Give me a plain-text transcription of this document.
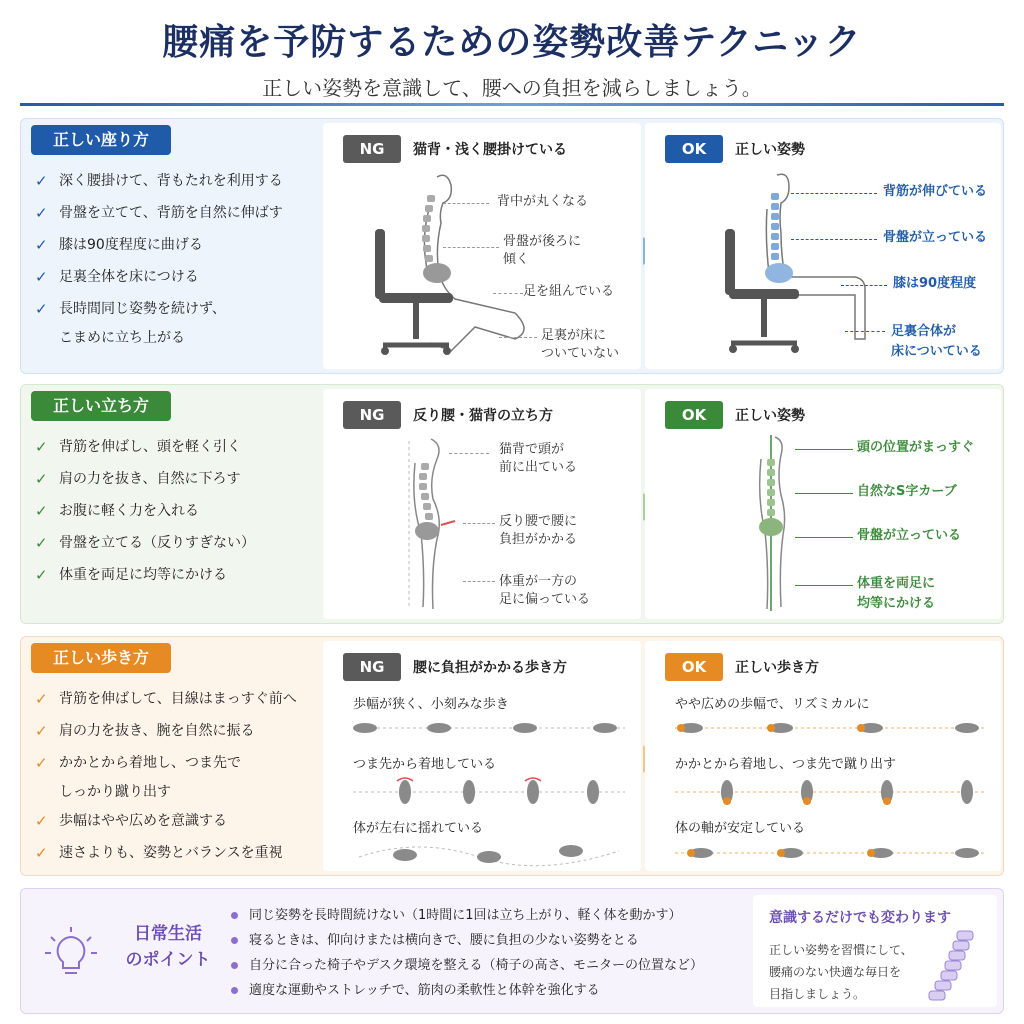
腰痛を予防するための姿勢改善テクニック
正しい姿勢を意識して、腰への負担を減らしましょう。
正しい座り方
✓ 深く腰掛けて、背もたれを利用する
✓ 骨盤を立てて、背筋を自然に伸ばす
✓ 膝は90度程度に曲げる
✓ 足裏全体を床につける
✓ 長時間同じ姿勢を続けず、
こまめに立ち上がる
NG	猫背・浅く腰掛けている
背中が丸くなる
骨盤が後ろに
傾く
足を組んでいる
足裏が床に
ついていない
OK	正しい姿勢
背筋が伸びている
骨盤が立っている
膝は90度程度
足裏合体が
床についている
正しい立ち方
✓ 背筋を伸ばし、頭を軽く引く
✓ 肩の力を抜き、自然に下ろす
✓ お腹に軽く力を入れる
✓ 骨盤を立てる（反りすぎない）
✓ 体重を両足に均等にかける
NG	反り腰・猫背の立ち方
猫背で頭が
前に出ている
反り腰で腰に
負担がかかる
体重が一方の
足に偏っている
OK	正しい姿勢
頭の位置がまっすぐ
自然なS字カーブ
骨盤が立っている
体重を両足に
均等にかける
正しい歩き方
✓ 背筋を伸ばして、目線はまっすぐ前へ
✓ 肩の力を抜き、腕を自然に振る
✓ かかとから着地し、つま先で
しっかり蹴り出す
✓ 歩幅はやや広めを意識する
✓ 速さよりも、姿勢とバランスを重視
NG	腰に負担がかかる歩き方
歩幅が狭く、小刻みな歩き
つま先から着地している
体が左右に揺れている
OK	正しい歩き方
やや広めの歩幅で、リズミカルに
かかとから着地し、つま先で蹴り出す
体の軸が安定している
日常生活
のポイント
同じ姿勢を長時間続けない（1時間に1回は立ち上がり、軽く体を動かす）
寝るときは、仰向けまたは横向きで、腰に負担の少ない姿勢をとる
自分に合った椅子やデスク環境を整える（椅子の高さ、モニターの位置など）
適度な運動やストレッチで、筋肉の柔軟性と体幹を強化する
意識するだけでも変わります
正しい姿勢を習慣にして、
腰痛のない快適な毎日を
目指しましょう。
